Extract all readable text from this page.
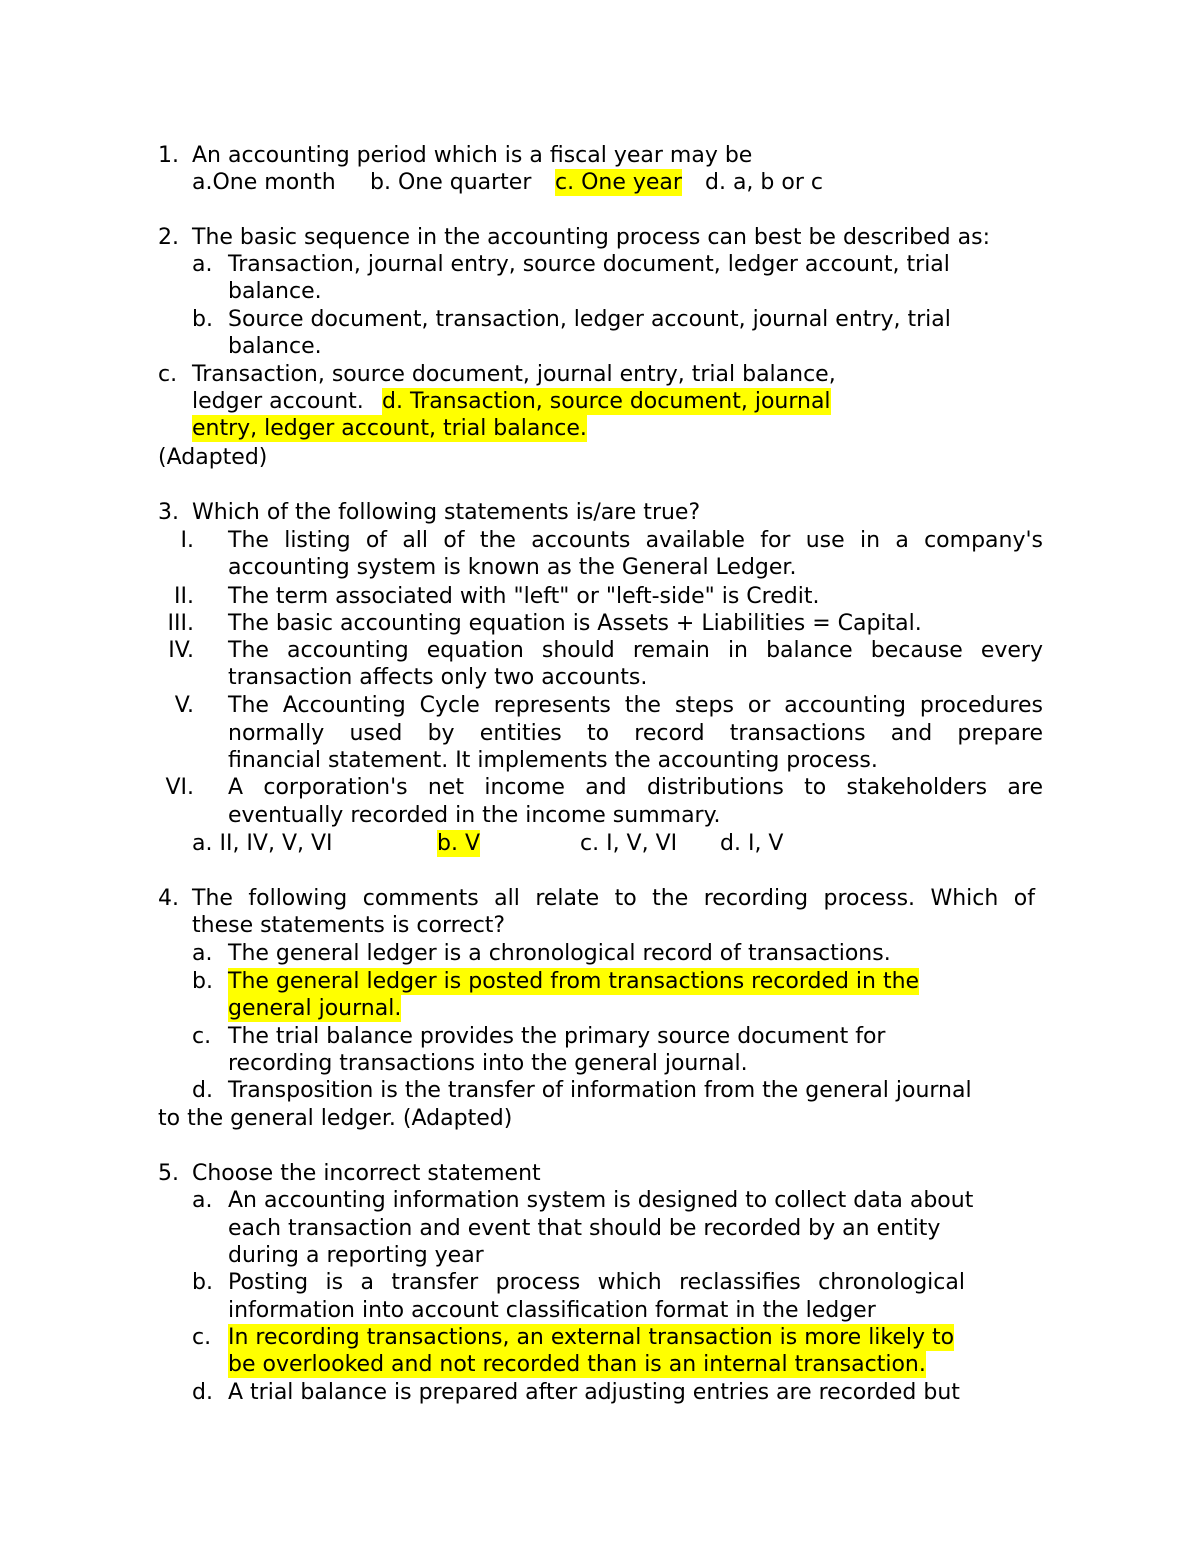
1. An accounting period which is a fiscal year may be
a.One month b. One quarter c. One year d. a, b or c
2. The basic sequence in the accounting process can best be described as:
a. Transaction, journal entry, source document, ledger account, trial
balance.
b. Source document, transaction, ledger account, journal entry, trial
balance.
c. Transaction, source document, journal entry, trial balance,
ledger account. d. Transaction, source document, journal
entry, ledger account, trial balance.
(Adapted)
3. Which of the following statements is/are true?
I. The listing of all of the accounts available for use in a company's
accounting system is known as the General Ledger.
II. The term associated with "left" or "left-side" is Credit.
III. The basic accounting equation is Assets + Liabilities = Capital.
IV. The accounting equation should remain in balance because every
transaction affects only two accounts.
V. The Accounting Cycle represents the steps or accounting procedures
normally used by entities to record transactions and prepare
financial statement. It implements the accounting process.
VI. A corporation's net income and distributions to stakeholders are
eventually recorded in the income summary.
a. II, IV, V, VI	b. V	c. I, V, VI d. I, V
4. The following comments all relate to the recording process. Which of
these statements is correct?
a. The general ledger is a chronological record of transactions.
b. The general ledger is posted from transactions recorded in the
general journal.
c. The trial balance provides the primary source document for
recording transactions into the general journal.
d. Transposition is the transfer of information from the general journal
to the general ledger. (Adapted)
5. Choose the incorrect statement
a. An accounting information system is designed to collect data about
each transaction and event that should be recorded by an entity
during a reporting year
b. Posting is a transfer process which reclassifies chronological
information into account classification format in the ledger
c. In recording transactions, an external transaction is more likely to
be overlooked and not recorded than is an internal transaction.
d. A trial balance is prepared after adjusting entries are recorded but
